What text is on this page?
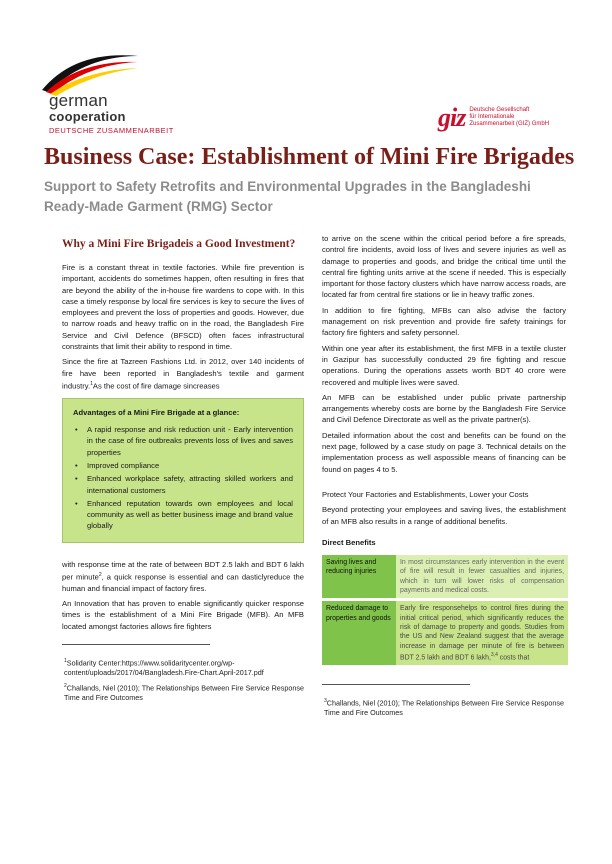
german
cooperation
DEUTSCHE ZUSAMMENARBEIT	giz Deutsche Gesellschaft
für Internationale
Zusammenarbeit (GIZ) GmbH
Business Case: Establishment of Mini Fire Brigades
Support to Safety Retrofits and Environmental Upgrades in the Bangladeshi Ready-Made Garment (RMG) Sector
Why a Mini Fire Brigadeis a Good Investment?

Fire is a constant threat in textile factories. While fire prevention is important, accidents do sometimes happen, often resulting in fires that are beyond the ability of the in-house fire wardens to cope with. In this case a timely response by local fire services is key to secure the lives of employees and prevent the loss of properties and goods. However, due to narrow roads and heavy traffic on in the road, the Bangladesh Fire Service and Civil Defence (BFSCD) often faces infrastructural constraints that limit their ability to respond in time.

Since the fire at Tazreen Fashions Ltd. in 2012, over 140 incidents of fire have been reported in Bangladesh's textile and garment industry.$^1$As the cost of fire damage sincreases

Advantages of a Mini Fire Brigade at a glance:
• A rapid response and risk reduction unit - Early intervention in the case of fire outbreaks prevents loss of lives and saves properties
• Improved compliance
• Enhanced workplace safety, attracting skilled workers and international customers
• Enhanced reputation towards own employees and local community as well as better business image and brand value globally

with response time at the rate of between BDT 2.5 lakh and BDT 6 lakh per minute$^2$, a quick response is essential and can dasticlyreduce the human and financial impact of factory fires.

An Innovation that has proven to enable significantly quicker response times is the establishment of a Mini Fire Brigade (MFB). An MFB located amongst factories allows fire fighters

$^1$Solidarity Center:https://www.solidaritycenter.org/wp-content/uploads/2017/04/Bangladesh.Fire-Chart.April-2017.pdf
$^2$Challands, Niel (2010); The Relationships Between Fire Service Response Time and Fire Outcomes

to arrive on the scene within the critical period before a fire spreads, control fire incidents, avoid loss of lives and severe injuries as well as damage to properties and goods, and bridge the critical time until the central fire fighting units arrive at the scene if needed. This is especially important for those factory clusters which have narrow access roads, are located far from central fire stations or lie in heavy traffic zones.

In addition to fire fighting, MFBs can also advise the factory management on risk prevention and provide fire safety trainings for factory fire fighters and safety personnel.

Within one year after its establishment, the first MFB in a textile cluster in Gazipur has successfully conducted 29 fire fighting and rescue operations. During the operations assets worth BDT 40 crore were recovered and multiple lives were saved.

An MFB can be established under public private partnership arrangements whereby costs are borne by the Bangladesh Fire Service and Civil Defence Directorate as well as the private partner(s).

Detailed information about the cost and benefits can be found on the next page, followed by a case study on page 3. Technical details on the implementation process as well aspossible means of financing can be found on pages 4 to 5.

Protect Your Factories and Establishments, Lower your Costs

Beyond protecting your employees and saving lives, the establishment of an MFB also results in a range of additional benefits.

Direct Benefits
Saving lives and reducing injuries	In most circumstances early intervention in the event of fire will result in fewer casualties and injuries, which in turn will lower risks of compensation payments and medical costs.
Reduced damage to properties and goods	Early fire responsehelps to control fires during the initial critical period, which significantly reduces the risk of damage to property and goods. Studies from the US and New Zealand suggest that the average increase in damage per minute of fire is between BDT 2.5 lakh and BDT 6 lakh,$^{3,4}$ costs that
$^3$Challands, Niel (2010); The Relationships Between Fire Service Response Time and Fire Outcomes
